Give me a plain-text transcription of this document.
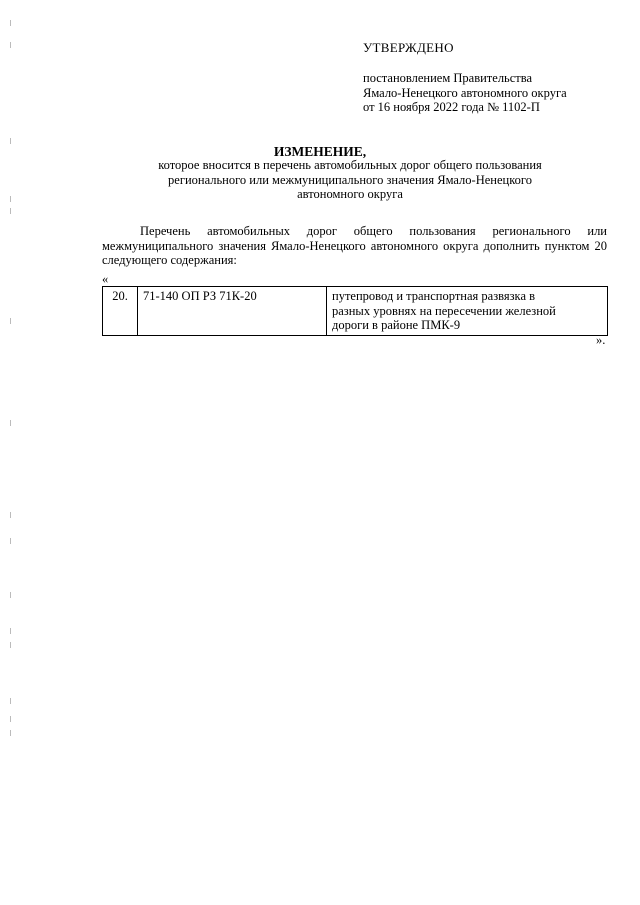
УТВЕРЖДЕНО
постановлением Правительства
Ямало-Ненецкого автономного округа
от 16 ноября 2022 года № 1102-П
ИЗМЕНЕНИЕ,
которое вносится в перечень автомобильных дорог общего пользования
регионального или межмуниципального значения Ямало-Ненецкого
автономного округа
Перечень автомобильных дорог общего пользования регионального или межмуниципального значения Ямало-Ненецкого автономного округа дополнить пунктом 20 следующего содержания:
«
20.	71-140 ОП РЗ 71К-20	путепровод и транспортная развязка в
разных уровнях на пересечении железной
дороги в районе ПМК-9
».
